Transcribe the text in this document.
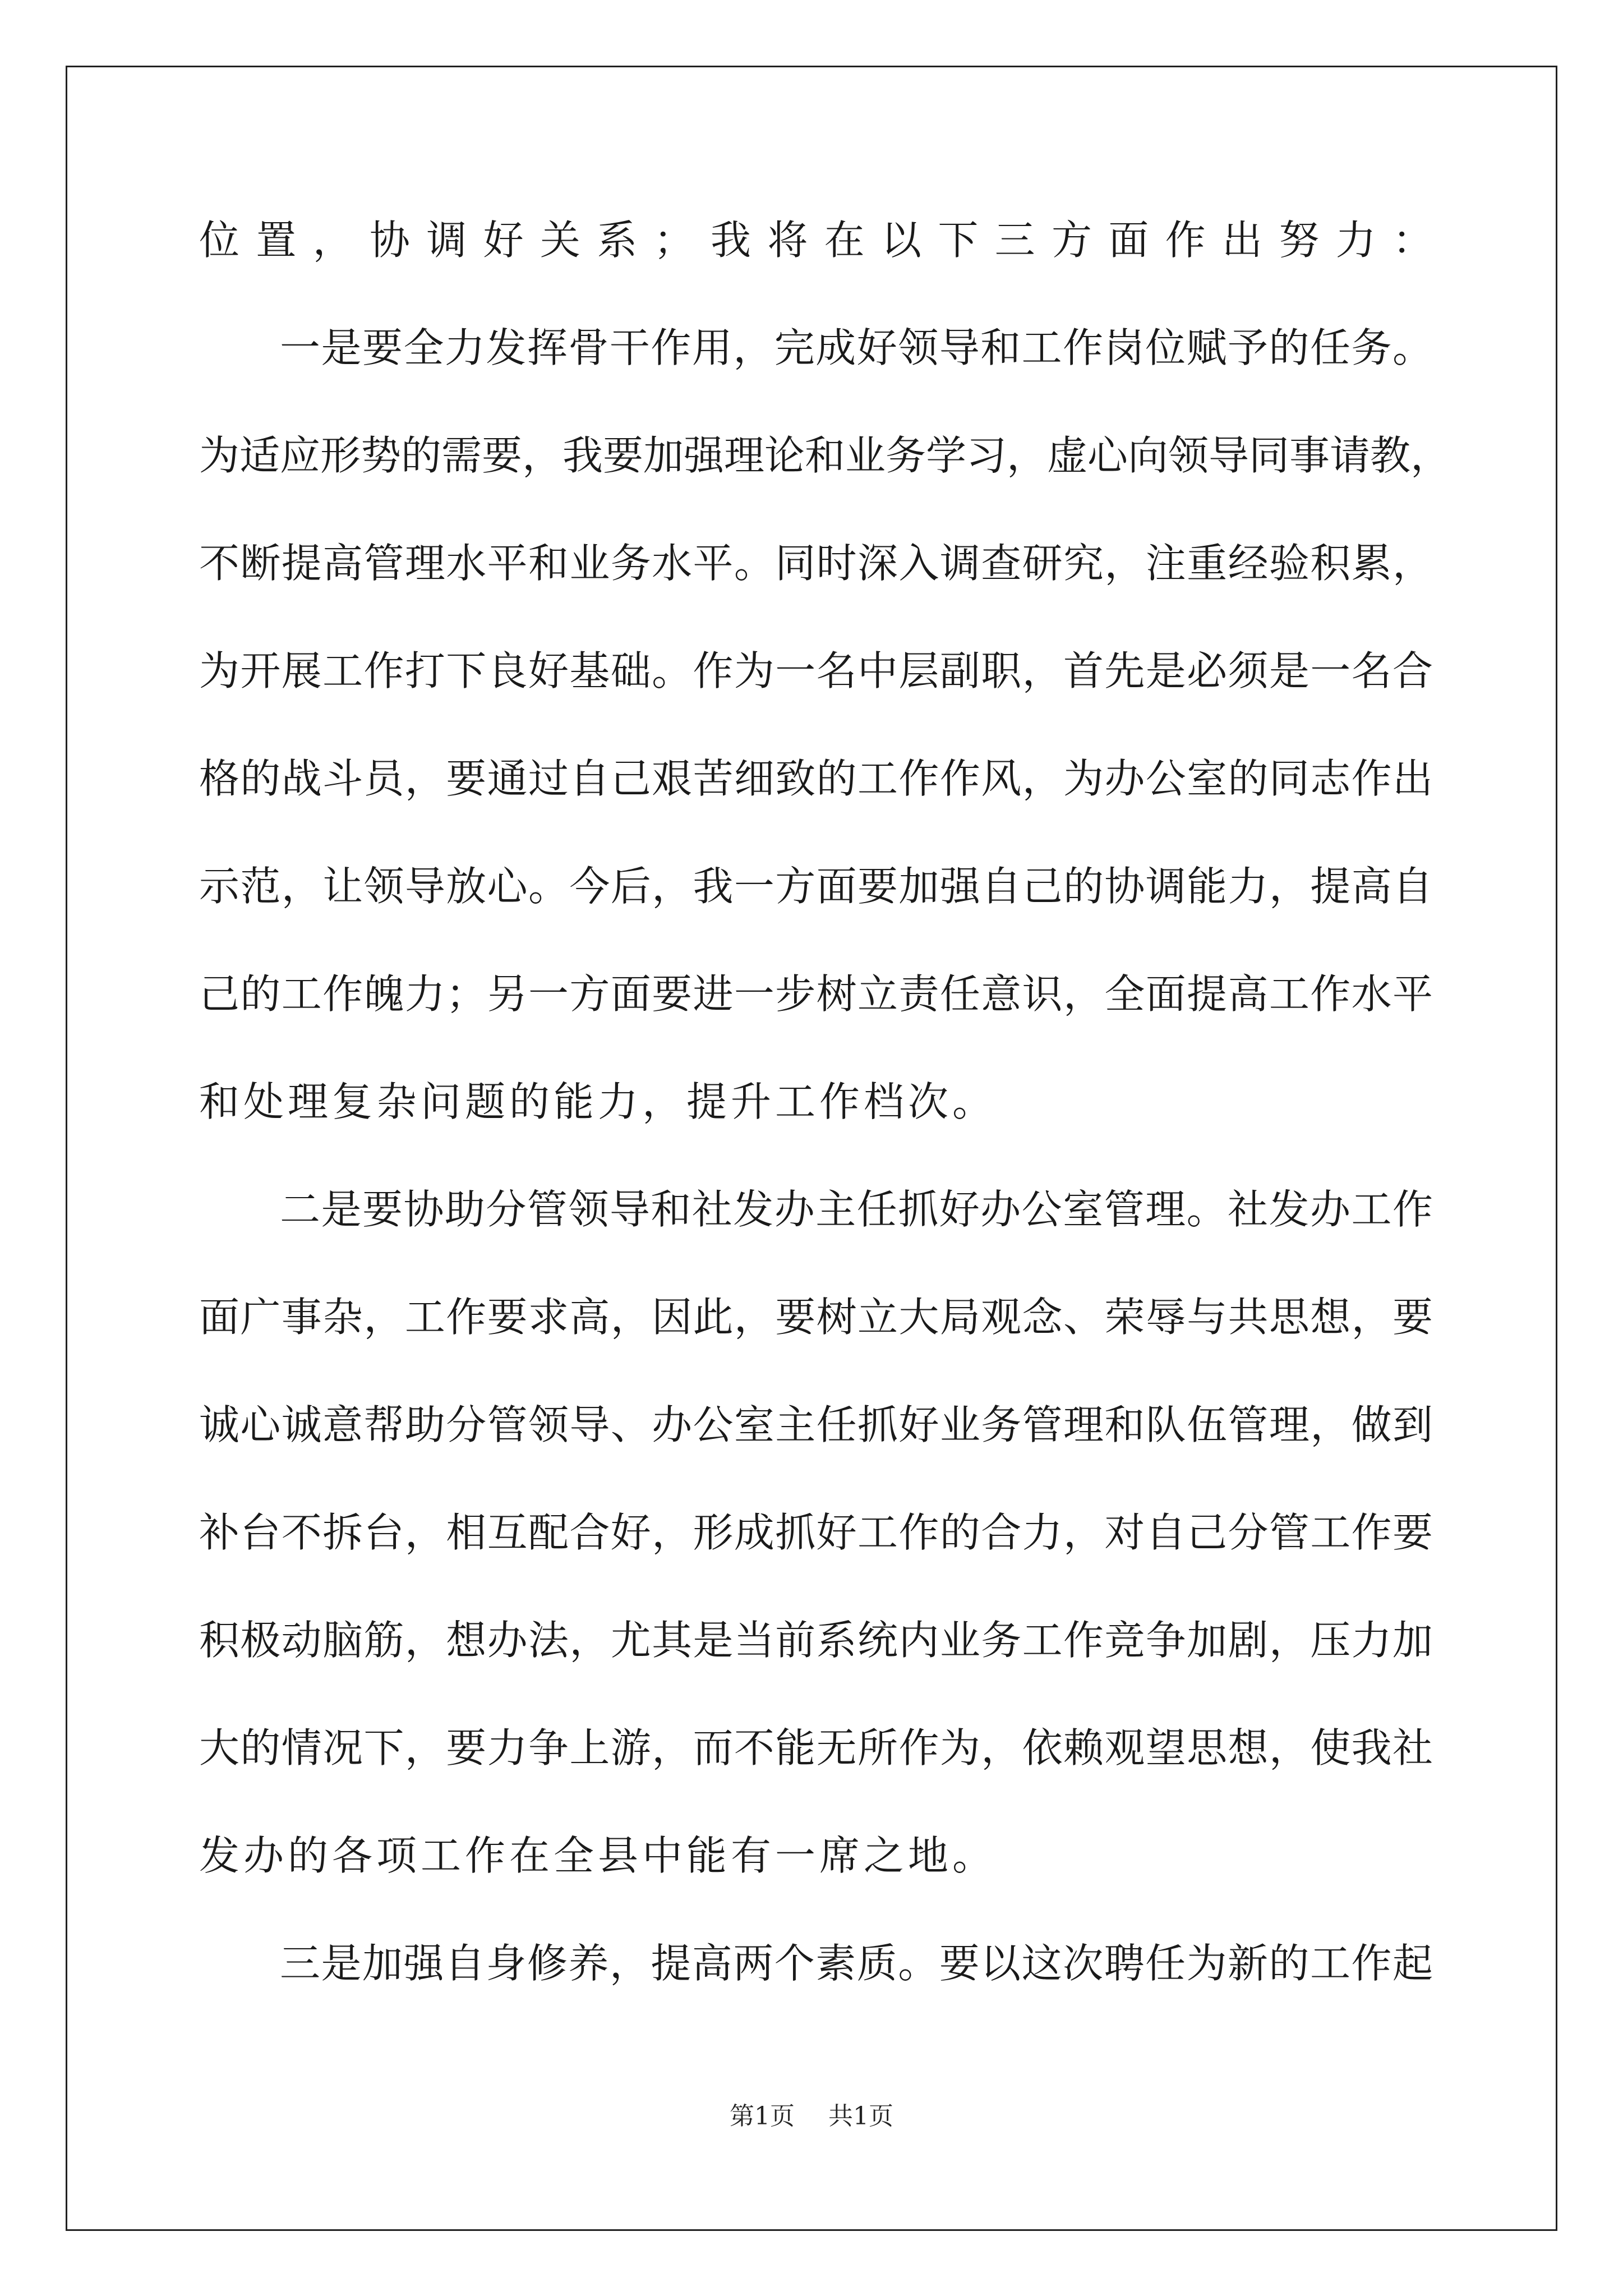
位置，协调好关系；我将在以下三方面作出努力：
一是要全力发挥骨干作用，完成好领导和工作岗位赋予的任务。
为适应形势的需要，我要加强理论和业务学习，虚心向领导同事请教，
不断提高管理水平和业务水平。同时深入调查研究，注重经验积累，
为开展工作打下良好基础。作为一名中层副职，首先是必须是一名合
格的战斗员，要通过自己艰苦细致的工作作风，为办公室的同志作出
示范，让领导放心。今后，我一方面要加强自己的协调能力，提高自
己的工作魄力；另一方面要进一步树立责任意识，全面提高工作水平
和处理复杂问题的能力，提升工作档次。
二是要协助分管领导和社发办主任抓好办公室管理。社发办工作
面广事杂，工作要求高，因此，要树立大局观念、荣辱与共思想，要
诚心诚意帮助分管领导、办公室主任抓好业务管理和队伍管理，做到
补台不拆台，相互配合好，形成抓好工作的合力，对自己分管工作要
积极动脑筋，想办法，尤其是当前系统内业务工作竞争加剧，压力加
大的情况下，要力争上游，而不能无所作为，依赖观望思想，使我社
发办的各项工作在全县中能有一席之地。
三是加强自身修养，提高两个素质。要以这次聘任为新的工作起
第1页 共1页
